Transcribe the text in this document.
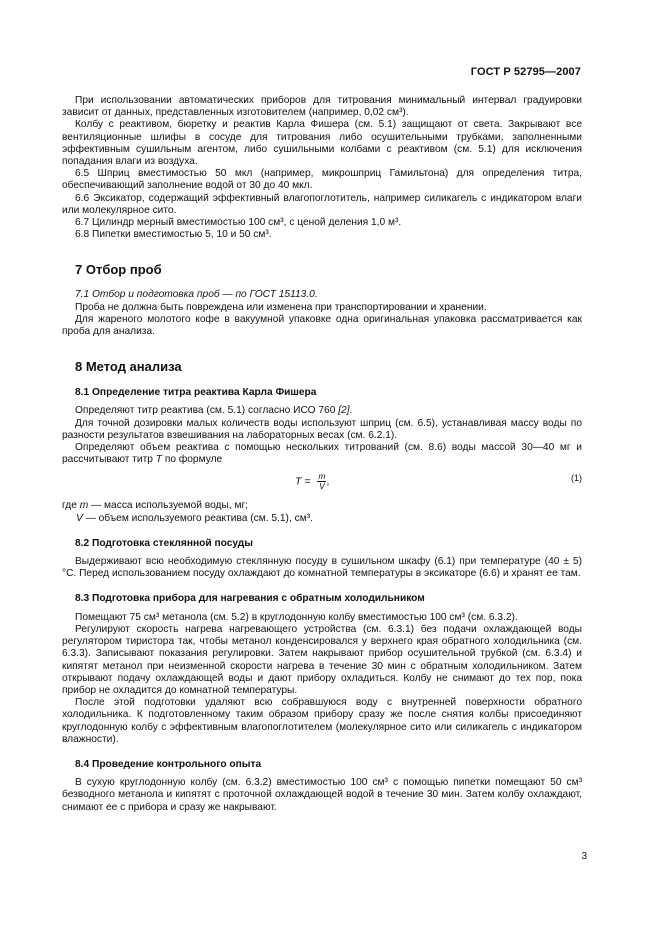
ГОСТ Р 52795—2007

При использовании автоматических приборов для титрования минимальный интервал градуировки зависит от данных, представленных изготовителем (например, 0,02 см³).

Колбу с реактивом, бюретку и реактив Карла Фишера (см. 5.1) защищают от света. Закрывают все вентиляционные шлифы в сосуде для титрования либо осушительными трубками, заполненными эффективным сушильным агентом, либо сушильными колбами с реактивом (см. 5.1) для исключения попадания влаги из воздуха.

6.5 Шприц вместимостью 50 мкл (например, микрошприц Гамильтона) для определения титра, обеспечивающий заполнение водой от 30 до 40 мкл.

6.6 Эксикатор, содержащий эффективный влагопоглотитель, например силикагель с индикатором влаги или молекулярное сито.

6.7 Цилиндр мерный вместимостью 100 см³, с ценой деления 1,0 м³.

6.8 Пипетки вместимостью 5, 10 и 50 см³.

7 Отбор проб

7.1 Отбор и подготовка проб — по ГОСТ 15113.0.

Проба не должна быть повреждена или изменена при транспортировании и хранении.

Для жареного молотого кофе в вакуумной упаковке одна оригинальная упаковка рассматривается как проба для анализа.

8 Метод анализа
8.1 Определение титра реактива Карла Фишера

Определяют титр реактива (см. 5.1) согласно ИСО 760 [2].

Для точной дозировки малых количеств воды используют шприц (см. 6.5), устанавливая массу воды по разности результатов взвешивания на лабораторных весах (см. 6.2.1).

Определяют объем реактива с помощью нескольких титрований (см. 8.6) воды массой 30—40 мг и рассчитывают титр T по формуле

$T = \frac{m}{V}$ ,	(1)
где m — масса используемой воды, мг;
V — объем используемого реактива (см. 5.1), см³.
8.2 Подготовка стеклянной посуды

Выдерживают всю необходимую стеклянную посуду в сушильном шкафу (6.1) при температуре (40 ± 5) °C. Перед использованием посуду охлаждают до комнатной температуры в эксикаторе (6.6) и хранят ее там.

8.3 Подготовка прибора для нагревания с обратным холодильником

Помещают 75 см³ метанола (см. 5.2) в круглодонную колбу вместимостью 100 см³ (см. 6.3.2).

Регулируют скорость нагрева нагревающего устройства (см. 6.3.1) без подачи охлаждающей воды регулятором тиристора так, чтобы метанол конденсировался у верхнего края обратного холодильника (см. 6.3.3). Записывают показания регулировки. Затем накрывают прибор осушительной трубкой (см. 6.3.4) и кипятят метанол при неизменной скорости нагрева в течение 30 мин с обратным холодильником. Затем открывают подачу охлаждающей воды и дают прибору охладиться. Колбу не снимают до тех пор, пока прибор не охладится до комнатной температуры.

После этой подготовки удаляют всю собравшуюся воду с внутренней поверхности обратного холодильника. К подготовленному таким образом прибору сразу же после снятия колбы присоединяют круглодонную колбу с эффективным влагопоглотителем (молекулярное сито или силикагель с индикатором влажности).

8.4 Проведение контрольного опыта

В сухую круглодонную колбу (см. 6.3.2) вместимостью 100 см³ с помощью пипетки помещают 50 см³ безводного метанола и кипятят с проточной охлаждающей водой в течение 30 мин. Затем колбу охлаждают, снимают ее с прибора и сразу же накрывают.

3
